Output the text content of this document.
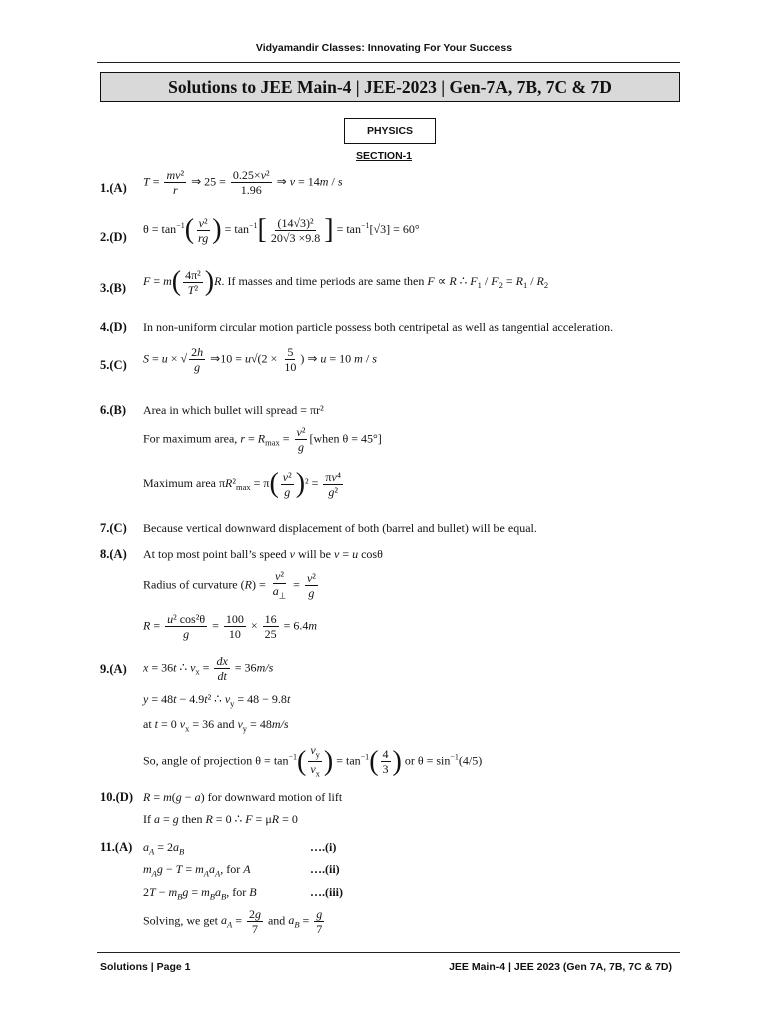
Vidyamandir Classes: Innovating For Your Success
Solutions to JEE Main-4 | JEE-2023 | Gen-7A, 7B, 7C & 7D
PHYSICS
SECTION-1
1.(A) $T = \frac{\text{mv²}}{r}$ ⇒ $25 = \frac{\text{0.25×v²}}{1.96}$ ⇒ v = 14m / s
2.(D)
$\theta = \tan^{-1}( \frac{\text{v²}}{rg}$ ) = $\tan^{-1}[ \frac{\text{(14√3)²}}{20√3 \times 9.8}$ ] = $\tan^{-1}[√3] = 60^\circ$
3.(B)
$F = m( \frac{\text{4π²}}{\text{T²}} )R$. If masses and time periods are same then F ∝ R ∴ $F_1 / F_2 = R_1 / R_2$
4.(D) In non-uniform circular motion particle possess both centripetal as well as tangential acceleration.
5.(C) S = u × √ $\frac{2h}{g}$ ⇒10 = $u√(2 \times \frac{5}{10}$ ) ⇒ u = 10 m / s
6.(B) Area in which bullet will spread = πr²
For maximum area, $r = R_{max} = \frac{\text{v²}}{g}$ [when θ = 45°]
Maximum area $\pi R^2_{max} = \pi( \frac{\text{v²}}{g} )^2 = \frac{\text{πv⁴}}{\text{g²}}$
7.(C) Because vertical downward displacement of both (barrel and bullet) will be equal.
8.(A) At top most point ball’s speed v will be v = u cosθ
Radius of curvature $(R) = \frac{\text{v²}}{a_\perp} = \frac{\text{v²}}{g}$
$R = \frac{\text{u² cos²θ}}{g} = \frac{100}{10} \times \frac{16}{25} = 6.4m$
9.(A) x = 36t ∴ $v_x = \frac{dx}{dt} = 36m/s$
y = 48t − 4.9t² ∴ $v_y = 48 - 9.8t$
at t = 0 $v_x = 36$ and $v_y = 48m/s$
So, angle of projection $\theta = \tan^{-1}( \frac{v_y}{v_x}$ ) = $\tan^{-1}( \frac{4}{3}$ ) or $\theta = \sin^{-1}(4/5)$
10.(D) R = m(g − a) for downward motion of lift
If a = g then R = 0 ∴ F = μR = 0
11.(A) $a_A = 2a_B$	….(i)
$m_Ag - T = m_Aa_A$, for A	….(ii)
$2T - m_Bg = m_Ba_B$, for B	….(iii)
Solving, we get $a_A = \frac{2g}{7}$ and $a_B = \frac{g}{7}$
Solutions | Page 1	JEE Main-4 | JEE 2023 (Gen 7A, 7B, 7C & 7D)
